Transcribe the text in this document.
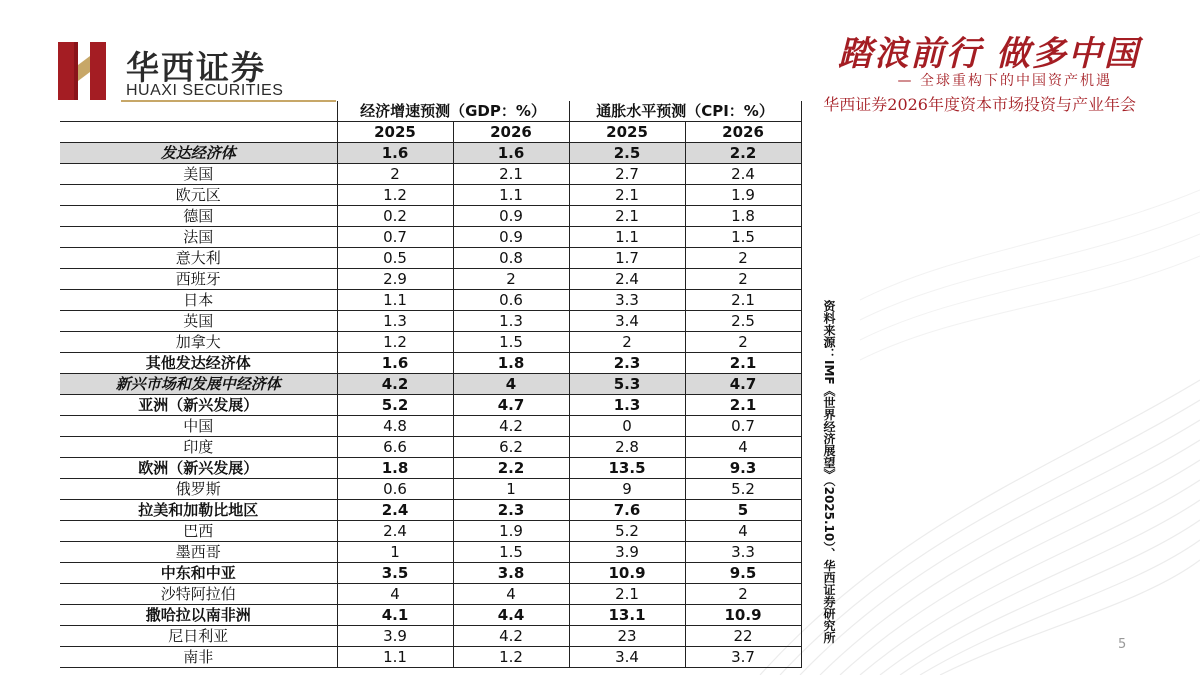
华西证券
HUAXI SECURITIES
踏浪前行 做多中国
— 全球重构下的中国资产机遇
华西证券2026年度资本市场投资与产业年会
	经济增速预测（GDP：%）		通胀水平预测（CPI：%）	
	2025	2026	2025	2026
发达经济体	1.6	1.6	2.5	2.2
美国	2	2.1	2.7	2.4
欧元区	1.2	1.1	2.1	1.9
德国	0.2	0.9	2.1	1.8
法国	0.7	0.9	1.1	1.5
意大利	0.5	0.8	1.7	2
西班牙	2.9	2	2.4	2
日本	1.1	0.6	3.3	2.1
英国	1.3	1.3	3.4	2.5
加拿大	1.2	1.5	2	2
其他发达经济体	1.6	1.8	2.3	2.1
新兴市场和发展中经济体	4.2	4	5.3	4.7
亚洲（新兴发展）	5.2	4.7	1.3	2.1
中国	4.8	4.2	0	0.7
印度	6.6	6.2	2.8	4
欧洲（新兴发展）	1.8	2.2	13.5	9.3
俄罗斯	0.6	1	9	5.2
拉美和加勒比地区	2.4	2.3	7.6	5
巴西	2.4	1.9	5.2	4
墨西哥	1	1.5	3.9	3.3
中东和中亚	3.5	3.8	10.9	9.5
沙特阿拉伯	4	4	2.1	2
撒哈拉以南非洲	4.1	4.4	13.1	10.9
尼日利亚	3.9	4.2	23	22
南非	1.1	1.2	3.4	3.7
资料来源：IMF《世界经济展望》（2025.10）、华西证券研究所
5
